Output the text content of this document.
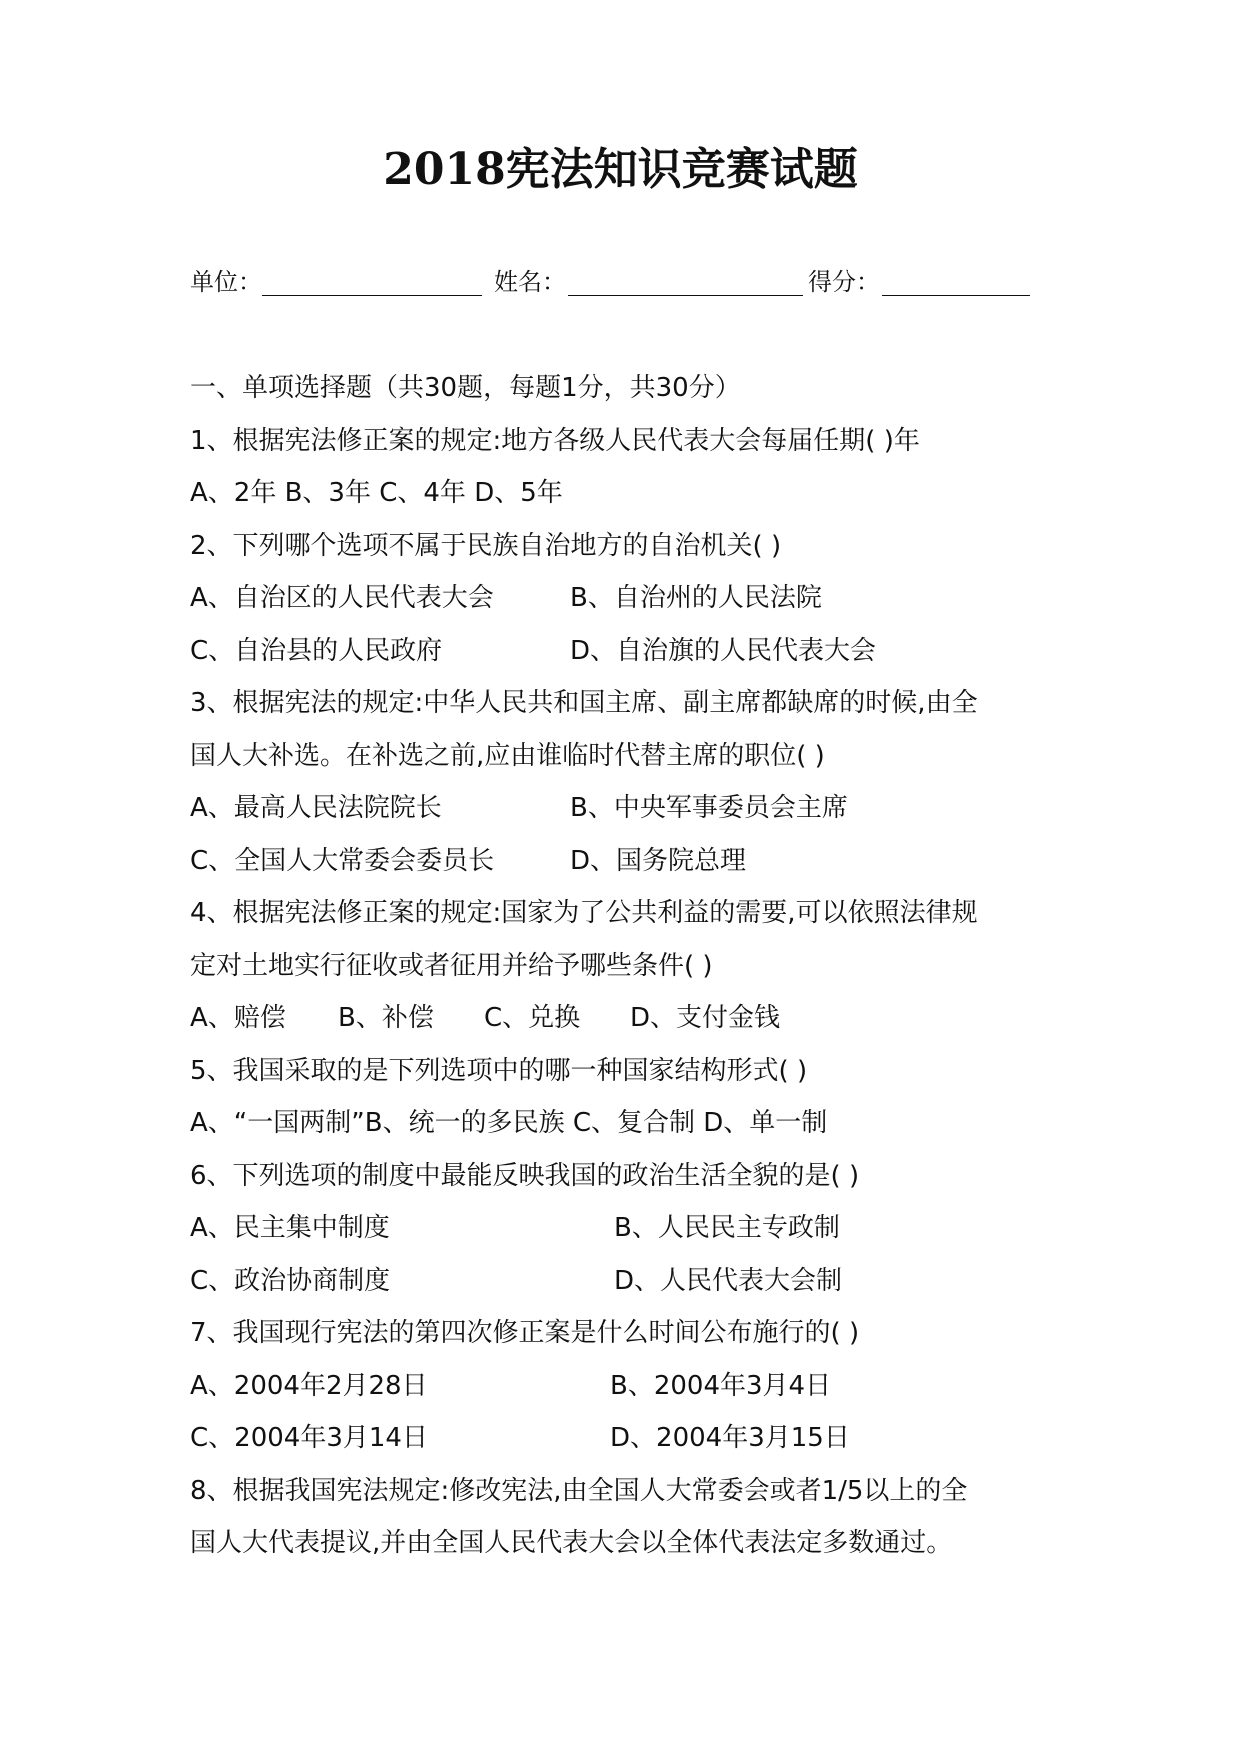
2018宪法知识竞赛试题
单位：	姓名：	得分：
一、单项选择题（共30题，每题1分，共30分）
1、根据宪法修正案的规定:地方各级人民代表大会每届任期( )年
A、2年 B、3年 C、4年 D、5年
2、下列哪个选项不属于民族自治地方的自治机关( )
A、自治区的人民代表大会	B、自治州的人民法院
C、自治县的人民政府	D、自治旗的人民代表大会
3、根据宪法的规定:中华人民共和国主席、副主席都缺席的时候,由全
国人大补选。在补选之前,应由谁临时代替主席的职位( )
A、最高人民法院院长	B、中央军事委员会主席
C、全国人大常委会委员长	D、国务院总理
4、根据宪法修正案的规定:国家为了公共利益的需要,可以依照法律规
定对土地实行征收或者征用并给予哪些条件( )
A、赔偿 B、补偿 C、兑换 D、支付金钱
5、我国采取的是下列选项中的哪一种国家结构形式( )
A、“一国两制”B、统一的多民族 C、复合制 D、单一制
6、下列选项的制度中最能反映我国的政治生活全貌的是( )
A、民主集中制度	B、人民民主专政制
C、政治协商制度	D、人民代表大会制
7、我国现行宪法的第四次修正案是什么时间公布施行的( )
A、2004年2月28日	B、2004年3月4日
C、2004年3月14日	D、2004年3月15日
8、根据我国宪法规定:修改宪法,由全国人大常委会或者1/5以上的全
国人大代表提议,并由全国人民代表大会以全体代表法定多数通过。
